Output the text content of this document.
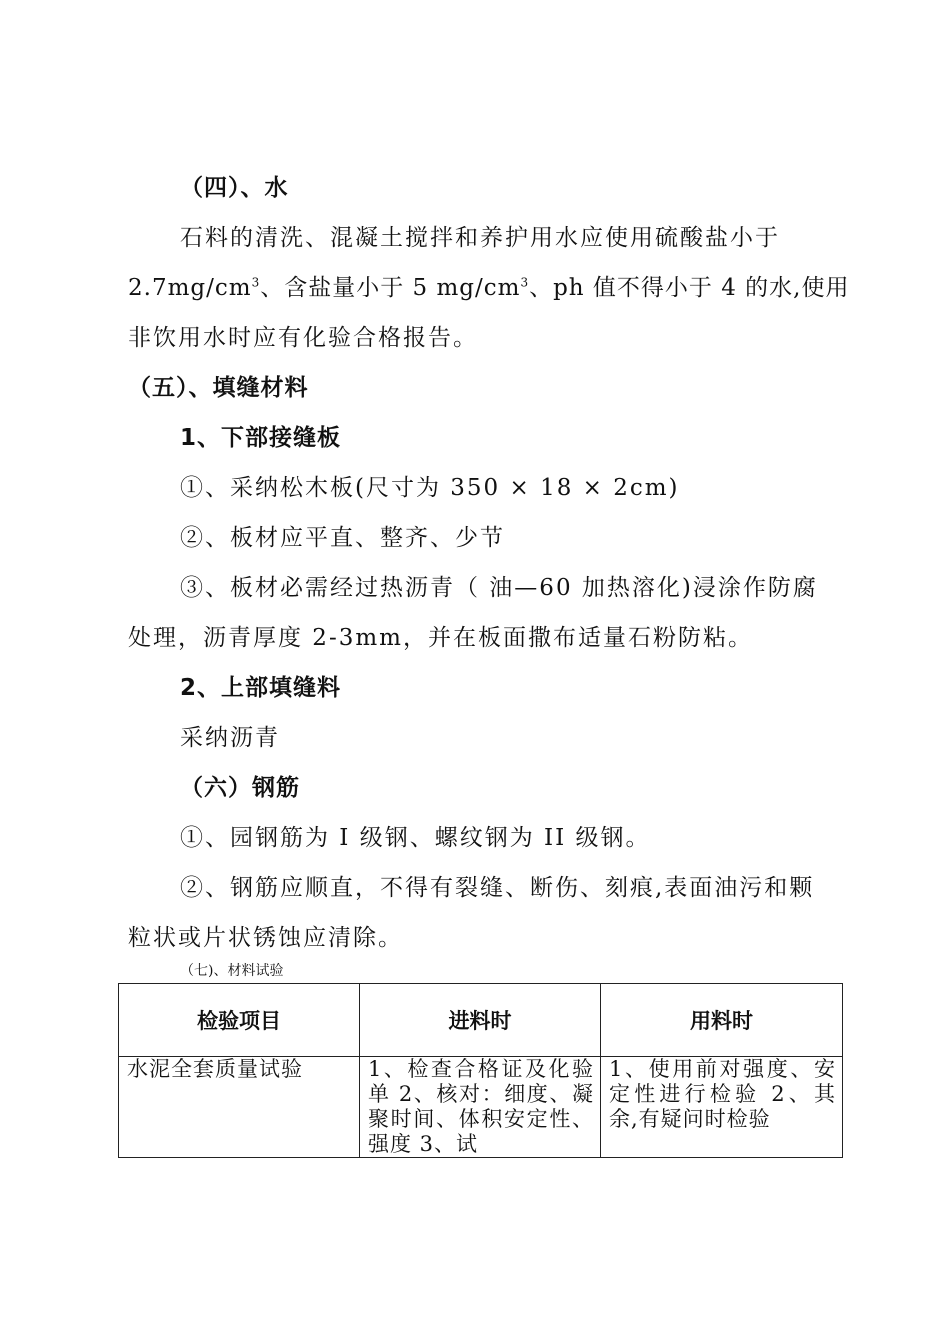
（四）、水
石料的清洗、混凝土搅拌和养护用水应使用硫酸盐小于
$2.7mg/cm^3$、含盐量小于 5 $mg/cm^3$、ph 值不得小于 4 的水,使用
非饮用水时应有化验合格报告。
（五）、填缝材料
1、下部接缝板
①、采纳松木板(尺寸为 350 × 18 × 2cm)
②、板材应平直、整齐、少节
③、板材必需经过热沥青（ 油—60 加热溶化)浸涂作防腐
处理，沥青厚度 2-3mm，并在板面撒布适量石粉防粘。
2、上部填缝料
采纳沥青
（六）钢筋
①、园钢筋为 I 级钢、螺纹钢为 II 级钢。
②、钢筋应顺直，不得有裂缝、断伤、刻痕,表面油污和颗
粒状或片状锈蚀应清除。
（七)、材料试验
检验项目	进料时	用料时
水泥全套质量试验	1、检查合格证及化验单 2、核对：细度、凝聚时间、体积安定性、强度 3、试	1、使用前对强度、安定性进行检验 2、其余,有疑问时检验
